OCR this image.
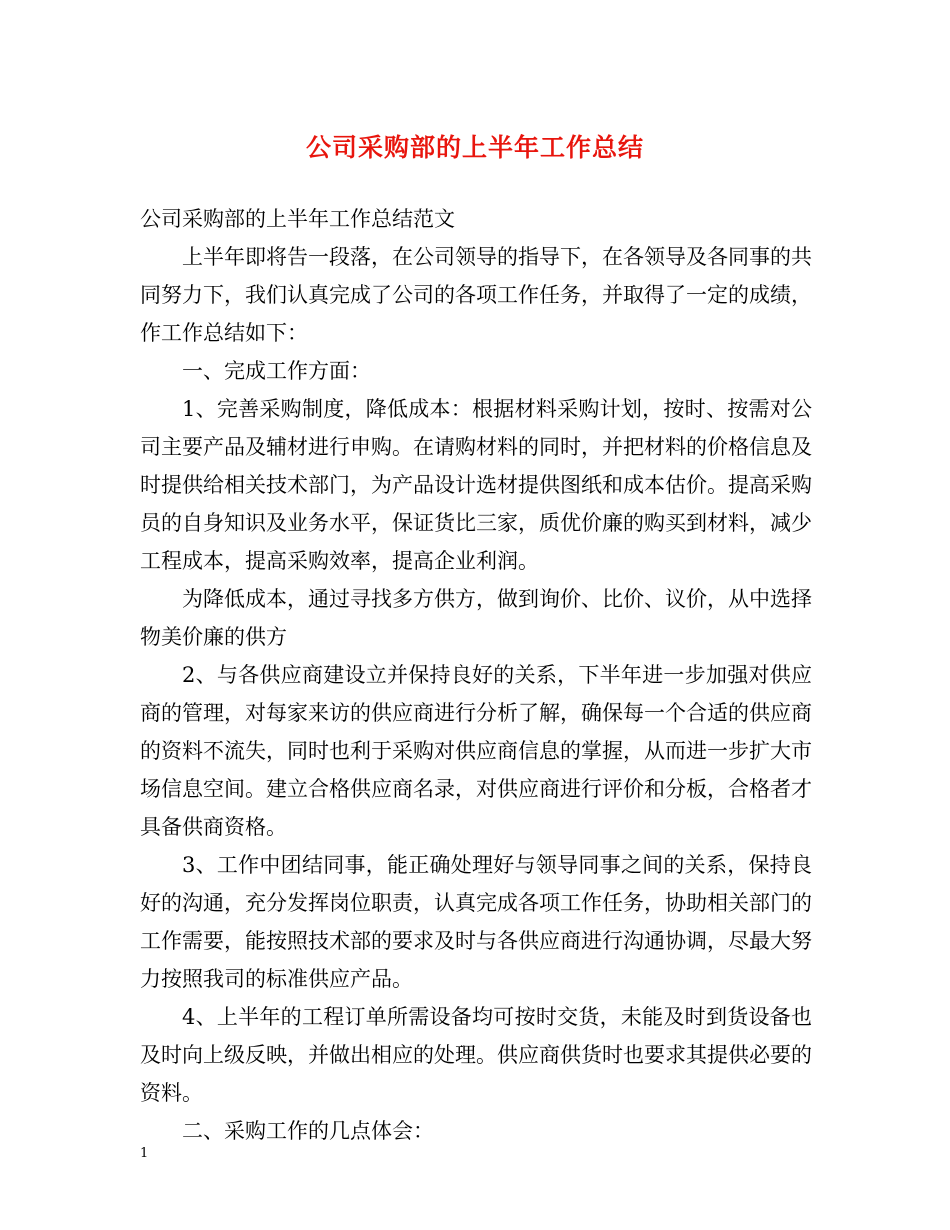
公司采购部的上半年工作总结

公司采购部的上半年工作总结范文

上半年即将告一段落，在公司领导的指导下，在各领导及各同事的共同努力下，我们认真完成了公司的各项工作任务，并取得了一定的成绩，作工作总结如下：

一、完成工作方面：

1、完善采购制度，降低成本：根据材料采购计划，按时、按需对公司主要产品及辅材进行申购。在请购材料的同时，并把材料的价格信息及时提供给相关技术部门，为产品设计选材提供图纸和成本估价。提高采购员的自身知识及业务水平，保证货比三家，质优价廉的购买到材料，减少工程成本，提高采购效率，提高企业利润。

为降低成本，通过寻找多方供方，做到询价、比价、议价，从中选择物美价廉的供方

2、与各供应商建设立并保持良好的关系，下半年进一步加强对供应商的管理，对每家来访的供应商进行分析了解，确保每一个合适的供应商的资料不流失，同时也利于采购对供应商信息的掌握，从而进一步扩大市场信息空间。建立合格供应商名录，对供应商进行评价和分板，合格者才具备供商资格。

3、工作中团结同事，能正确处理好与领导同事之间的关系，保持良好的沟通，充分发挥岗位职责，认真完成各项工作任务，协助相关部门的工作需要，能按照技术部的要求及时与各供应商进行沟通协调，尽最大努力按照我司的标准供应产品。

4、上半年的工程订单所需设备均可按时交货，未能及时到货设备也及时向上级反映，并做出相应的处理。供应商供货时也要求其提供必要的资料。

二、采购工作的几点体会：

1
